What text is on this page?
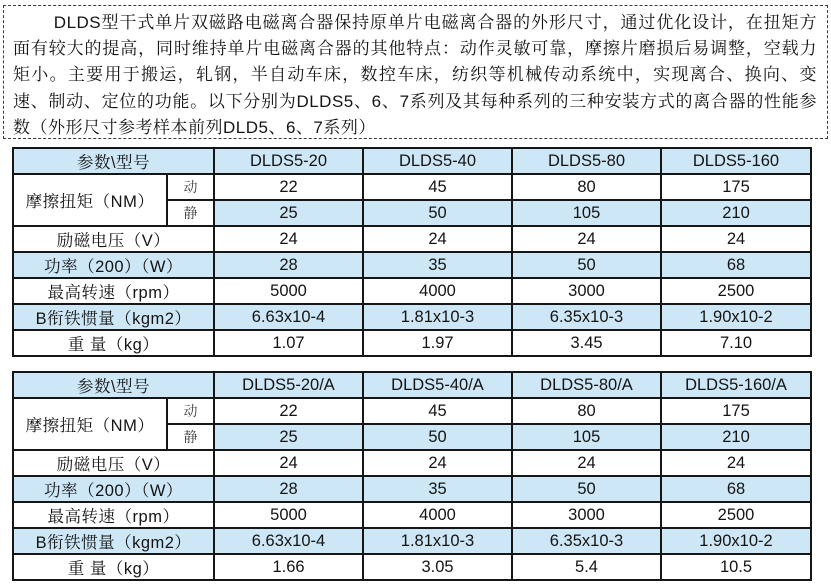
DLDS型干式单片双磁路电磁离合器保持原单片电磁离合器的外形尺寸，通过优化设计，在扭矩方面有较大的提高，同时维持单片电磁离合器的其他特点：动作灵敏可靠，摩擦片磨损后易调整，空载力矩小。主要用于搬运，轧钢，半自动车床，数控车床，纺织等机械传动系统中，实现离合、换向、变速、制动、定位的功能。以下分别为DLDS5、6、7系列及其每种系列的三种安装方式的离合器的性能参数（外形尺寸参考样本前列DLD5、6、7系列）

参数\型号		DLDS5-20	DLDS5-40	DLDS5-80	DLDS5-160
摩擦扭矩（NM）	动	22	45	80	175
	静	25	50	105	210
励磁电压（V）		24	24	24	24
功率（200）（W）		28	35	50	68
最高转速（rpm）		5000	4000	3000	2500
B衔铁惯量（kgm2）		6.63x10-4	1.81x10-3	6.35x10-3	1.90x10-2
重 量（kg）		1.07	1.97	3.45	7.10
参数\型号		DLDS5-20/A	DLDS5-40/A	DLDS5-80/A	DLDS5-160/A
摩擦扭矩（NM）	动	22	45	80	175
	静	25	50	105	210
励磁电压（V）		24	24	24	24
功率（200）（W）		28	35	50	68
最高转速（rpm）		5000	4000	3000	2500
B衔铁惯量（kgm2）		6.63x10-4	1.81x10-3	6.35x10-3	1.90x10-2
重 量（kg）		1.66	3.05	5.4	10.5
